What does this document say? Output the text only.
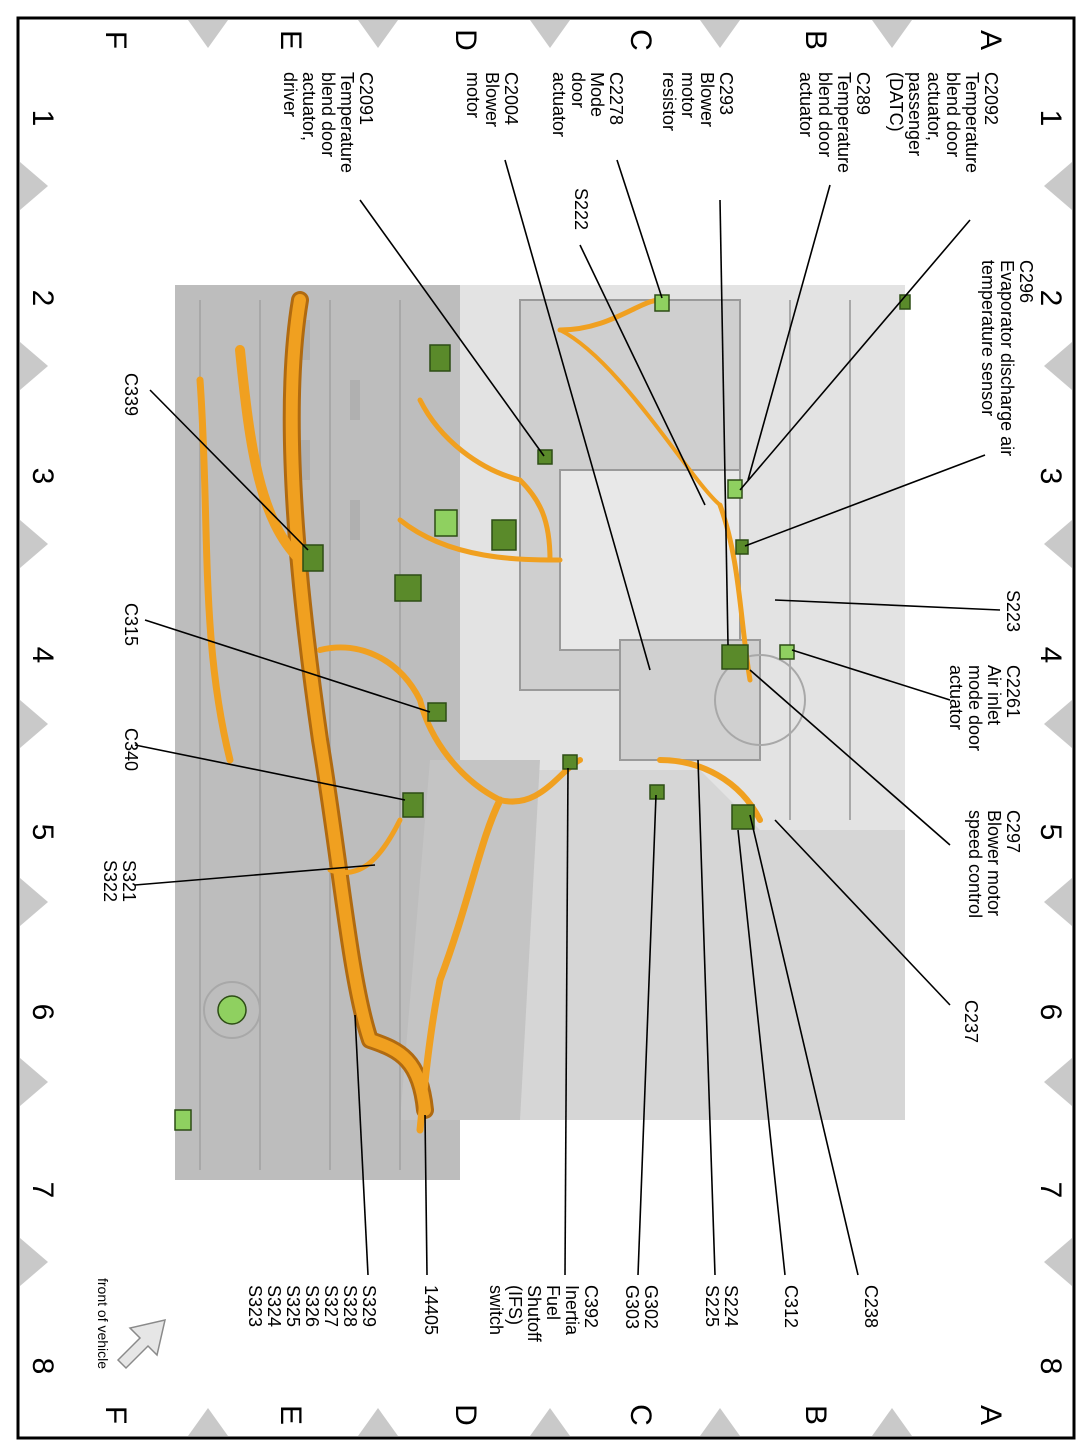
A
A
B
B
C
C
D
D
E
E
F
F
1	1
2	2
3	3
4	4
5	5
6	6
7	7
8	8
C2092
Temperature
blend door
actuator,
passenger
(DATC)
C289
Temperature
blend door
actuator
C293
Blower
motor
resistor
C2278
Mode
door
actuator
C2004
Blower
motor
C2091
Temperature
blend door
actuator,
driver
S222
C296
Evaporator discharge air
temperature sensor
S223
C2261
Air inlet
mode door
actuator
C297
Blower motor
speed control
C237
C238
C312
S224
S225
G302
G303
C392
Inertia
Fuel
Shutoff
(IFS)
switch
14405
S329
S328
S327
S326
S325
S324
S323
C339
C315
C340
S321
S322
front of vehicle
